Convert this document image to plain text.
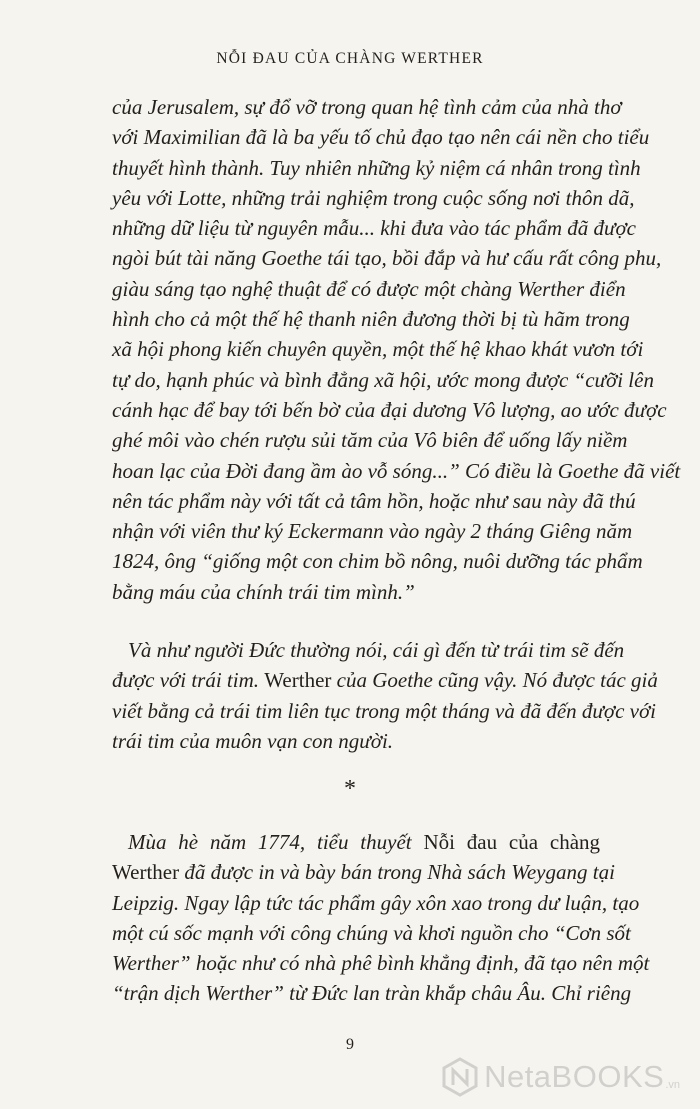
NỖI ĐAU CỦA CHÀNG WERTHER
của Jerusalem, sự đổ vỡ trong quan hệ tình cảm của nhà thơ
với Maximilian đã là ba yếu tố chủ đạo tạo nên cái nền cho tiểu
thuyết hình thành. Tuy nhiên những kỷ niệm cá nhân trong tình
yêu với Lotte, những trải nghiệm trong cuộc sống nơi thôn dã,
những dữ liệu từ nguyên mẫu... khi đưa vào tác phẩm đã được
ngòi bút tài năng Goethe tái tạo, bồi đắp và hư cấu rất công phu,
giàu sáng tạo nghệ thuật để có được một chàng Werther điển
hình cho cả một thế hệ thanh niên đương thời bị tù hãm trong
xã hội phong kiến chuyên quyền, một thế hệ khao khát vươn tới
tự do, hạnh phúc và bình đẳng xã hội, ước mong được “cưỡi lên
cánh hạc để bay tới bến bờ của đại dương Vô lượng, ao ước được
ghé môi vào chén rượu sủi tăm của Vô biên để uống lấy niềm
hoan lạc của Đời đang ầm ào vỗ sóng...” Có điều là Goethe đã viết
nên tác phẩm này với tất cả tâm hồn, hoặc như sau này đã thú
nhận với viên thư ký Eckermann vào ngày 2 tháng Giêng năm
1824, ông “giống một con chim bồ nông, nuôi dưỡng tác phẩm
bằng máu của chính trái tim mình.”
Và như người Đức thường nói, cái gì đến từ trái tim sẽ đến
được với trái tim. Werther của Goethe cũng vậy. Nó được tác giả
viết bằng cả trái tim liên tục trong một tháng và đã đến được với
trái tim của muôn vạn con người.
*
Mùa hè năm 1774, tiểu thuyết Nỗi đau của chàng
Werther đã được in và bày bán trong Nhà sách Weygang tại
Leipzig. Ngay lập tức tác phẩm gây xôn xao trong dư luận, tạo
một cú sốc mạnh với công chúng và khơi nguồn cho “Cơn sốt
Werther” hoặc như có nhà phê bình khẳng định, đã tạo nên một
“trận dịch Werther” từ Đức lan tràn khắp châu Âu. Chỉ riêng
9
NetaBOOKS .vn
